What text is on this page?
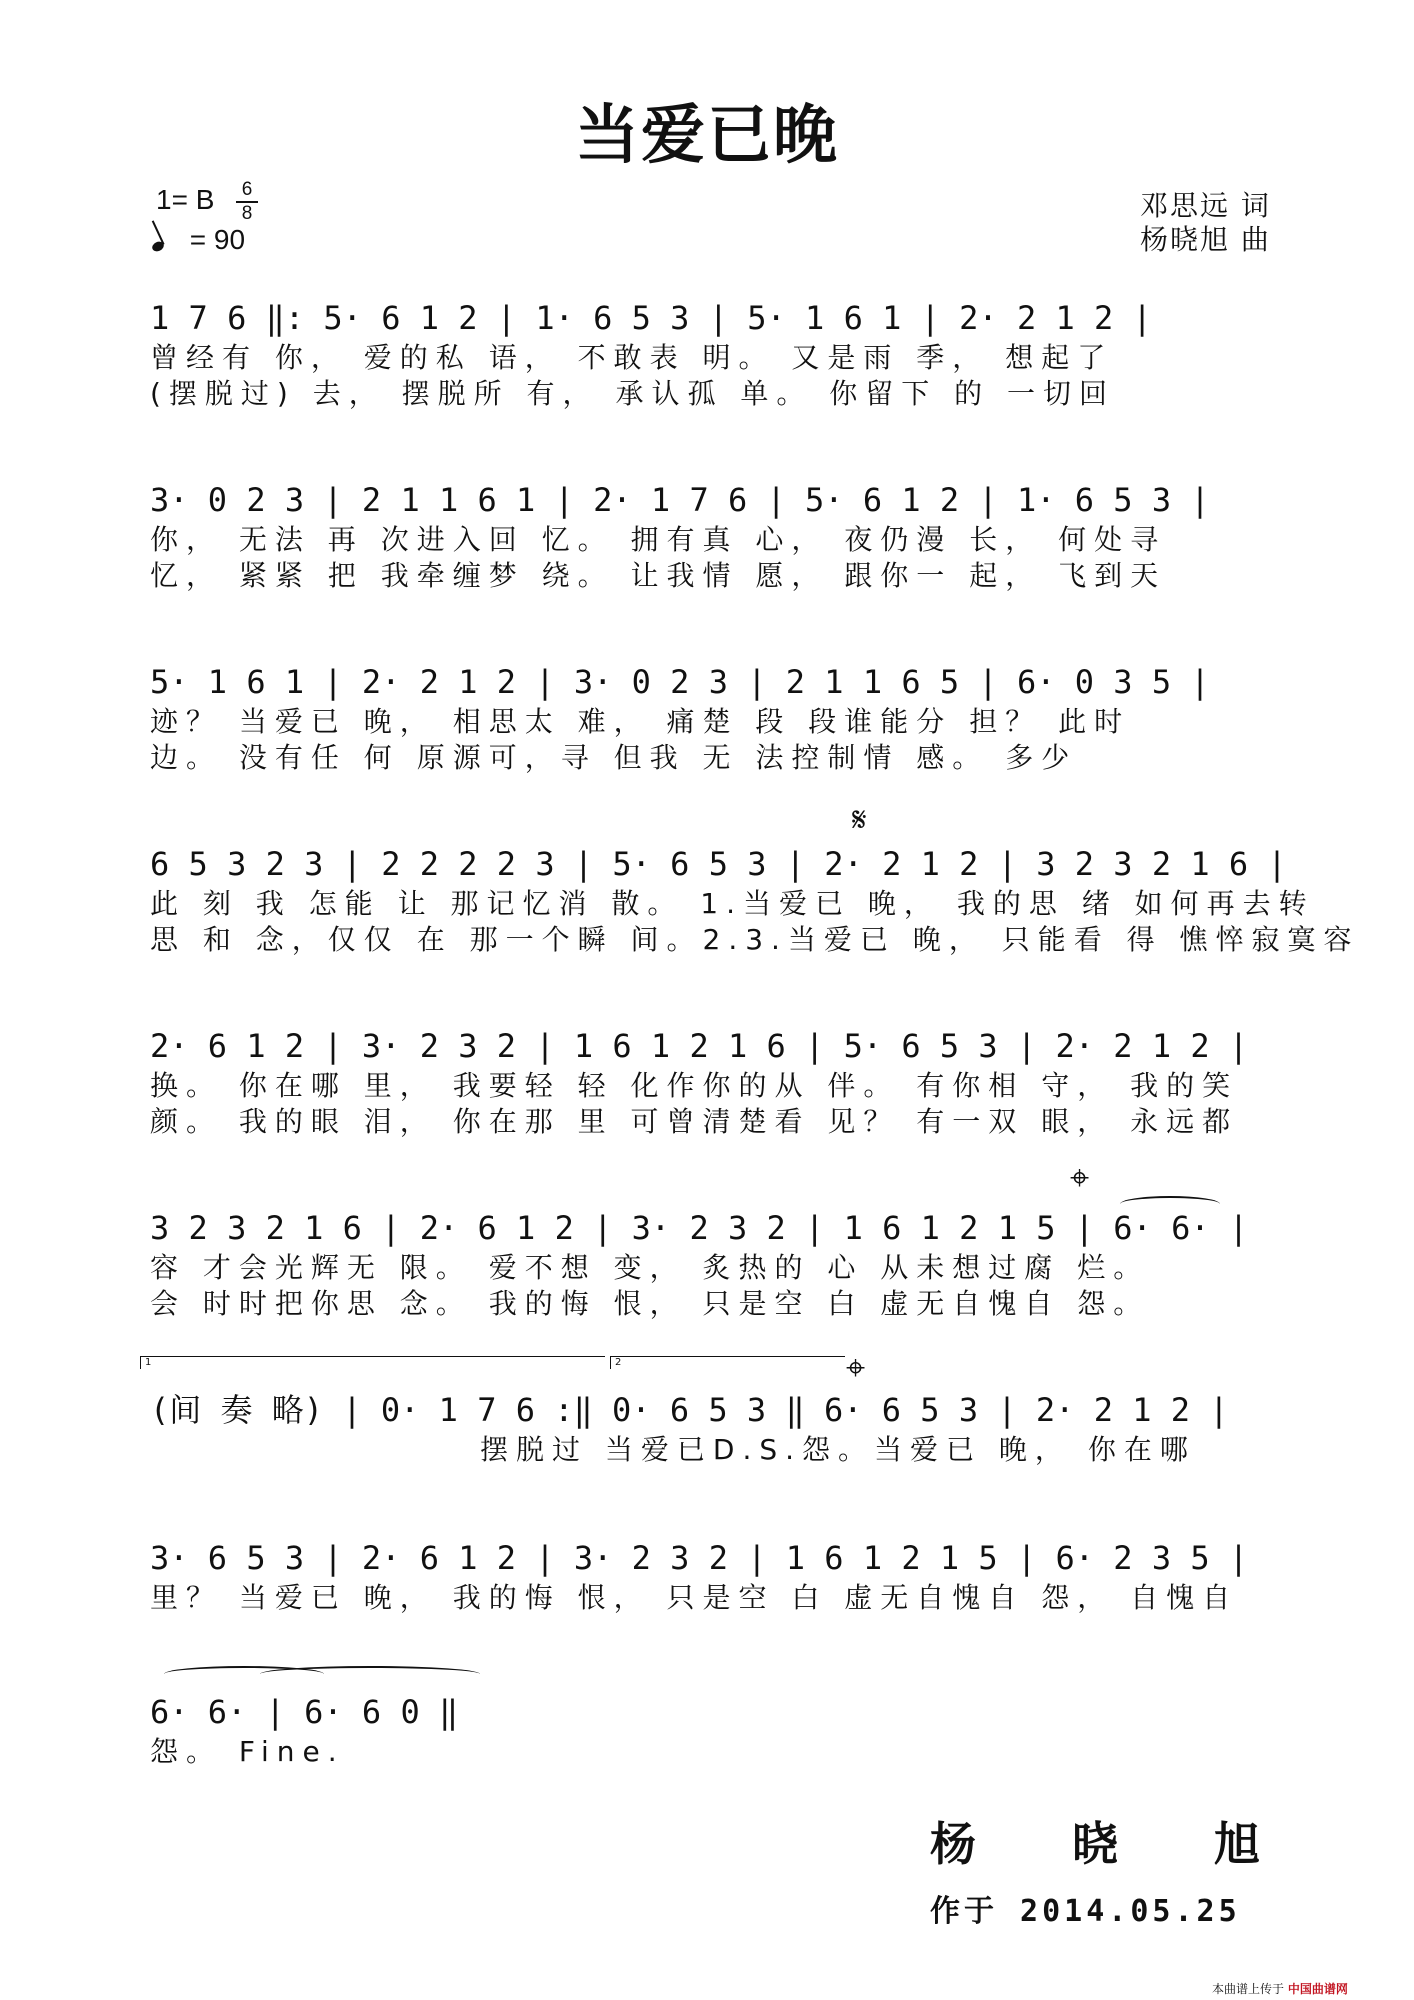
当爱已晚
1= B	6
8
= 90
邓思远 词
杨晓旭 曲
1 7 6 ‖: 5· 6 1 2 | 1· 6 5 3 | 5· 1 6 1 | 2· 2 1 2 |
曾经有 你， 爱的私 语， 不敢表 明。 又是雨 季， 想起了
(摆脱过) 去， 摆脱所 有， 承认孤 单。 你留下 的 一切回
3· 0 2 3 | 2 1 1 6 1 | 2· 1 7 6 | 5· 6 1 2 | 1· 6 5 3 |
你， 无法 再 次进入回 忆。 拥有真 心， 夜仍漫 长， 何处寻
忆， 紧紧 把 我牵缠梦 绕。 让我情 愿， 跟你一 起， 飞到天
5· 1 6 1 | 2· 2 1 2 | 3· 0 2 3 | 2 1 1 6 5 | 6· 0 3 5 |
迹？ 当爱已 晚， 相思太 难， 痛楚 段 段谁能分 担？ 此时
边。 没有任 何 原源可，寻 但我 无 法控制情 感。 多少
𝄋
6 5 3 2 3 | 2 2 2 2 3 | 5· 6 5 3 | 2· 2 1 2 | 3 2 3 2 1 6 |
此 刻 我 怎能 让 那记忆消 散。 1.当爱已 晚， 我的思 绪 如何再去转
思 和 念，仅仅 在 那一个瞬 间。2.3.当爱已 晚， 只能看 得 憔悴寂寞容
2· 6 1 2 | 3· 2 3 2 | 1 6 1 2 1 6 | 5· 6 5 3 | 2· 2 1 2 |
换。 你在哪 里， 我要轻 轻 化作你的从 伴。 有你相 守， 我的笑
颜。 我的眼 泪， 你在那 里 可曾清楚看 见？ 有一双 眼， 永远都
⌖
3 2 3 2 1 6 | 2· 6 1 2 | 3· 2 3 2 | 1 6 1 2 1 5 | 6· 6· |
容 才会光辉无 限。 爱不想 变， 炙热的 心 从未想过腐 烂。
会 时时把你思 念。 我的悔 恨， 只是空 白 虚无自愧自 怨。
1	2	⌖
(间 奏 略) | 0· 1 7 6 :‖ 0· 6 5 3 ‖ 6· 6 5 3 | 2· 2 1 2 |
摆脱过 当爱已D.S.怨。当爱已 晚， 你在哪
3· 6 5 3 | 2· 6 1 2 | 3· 2 3 2 | 1 6 1 2 1 5 | 6· 2 3 5 |
里？ 当爱已 晚， 我的悔 恨， 只是空 白 虚无自愧自 怨， 自愧自
6· 6· | 6· 6 0 ‖
怨。 Fine.
杨 晓 旭
作于 2014.05.25
本曲谱上传于 中国曲谱网
